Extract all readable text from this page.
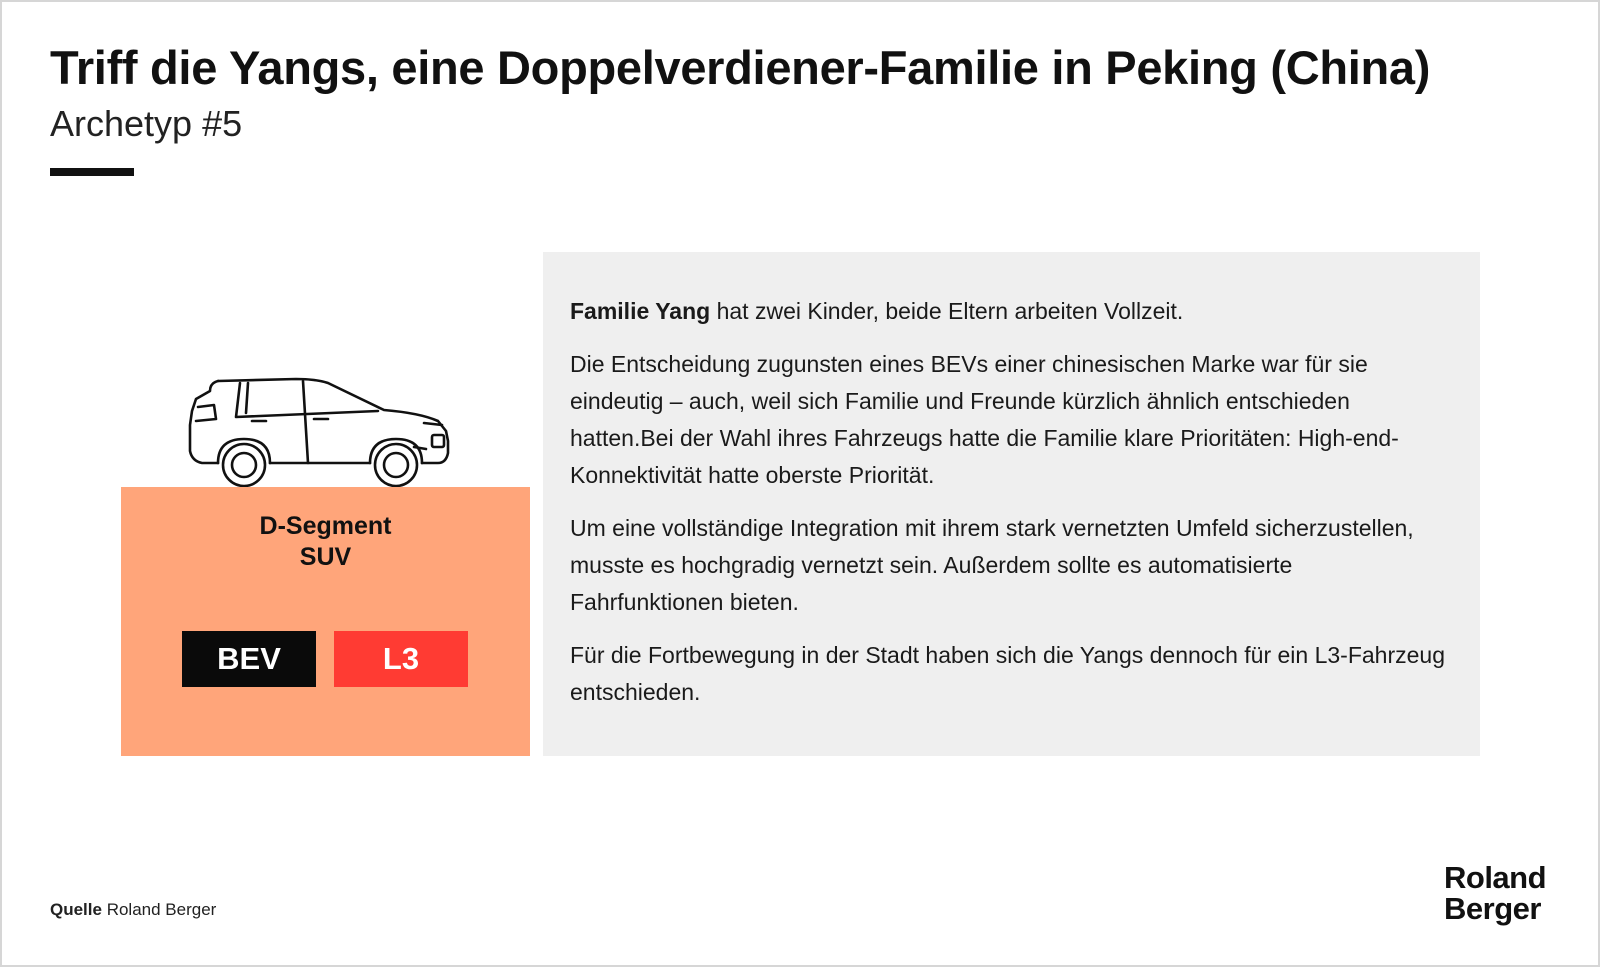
Triff die Yangs, eine Doppelverdiener-Familie in Peking (China)
Archetyp #5
D-Segment
SUV
BEV	L3

Familie Yang hat zwei Kinder, beide Eltern arbeiten Vollzeit.

Die Entscheidung zugunsten eines BEVs einer chinesischen Marke war für sie eindeutig – auch, weil sich Familie und Freunde kürzlich ähnlich entschieden hatten.Bei der Wahl ihres Fahrzeugs hatte die Familie klare Prioritäten: High-end-Konnektivität hatte oberste Priorität.

Um eine vollständige Integration mit ihrem stark vernetzten Umfeld sicherzustellen, musste es hochgradig vernetzt sein. Außerdem sollte es automatisierte Fahrfunktionen bieten.

Für die Fortbewegung in der Stadt haben sich die Yangs dennoch für ein L3-Fahrzeug entschieden.

Quelle Roland Berger
Roland
Berger
